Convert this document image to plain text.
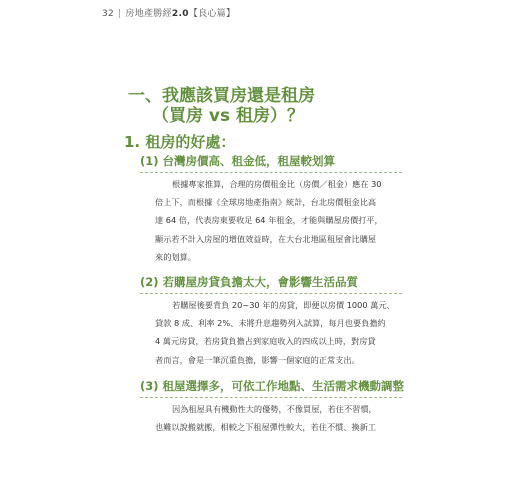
32 | 房地產勝經2.0【良心篇】
一、我應該買房還是租房
（買房 vs 租房）？
1. 租房的好處：
(1) 台灣房價高、租金低，租屋較划算
根據專家推算，合理的房價租金比（房價／租金）應在 30
倍上下，而根據《全球房地產指南》統計，台北房價租金比高
達 64 倍，代表房東要收足 64 年租金，才能與購屋房價打平，
顯示若不計入房屋的增值效益時，在大台北地區租屋會比購屋
來的划算。
(2) 若購屋房貸負擔太大，會影響生活品質
若購屋後要背負 20~30 年的房貸，即便以房價 1000 萬元、
貸款 8 成、利率 2%、未將升息趨勢列入試算，每月也要負擔約
4 萬元房貸，若房貸負擔占到家庭收入的四成以上時，對房貸
者而言，會是一筆沉重負擔，影響一個家庭的正常支出。
(3) 租屋選擇多，可依工作地點、生活需求機動調整
因為租屋具有機動性大的優勢，不像買屋，若住不習慣，
也難以說搬就搬，相較之下租屋彈性較大，若住不慣、換新工
